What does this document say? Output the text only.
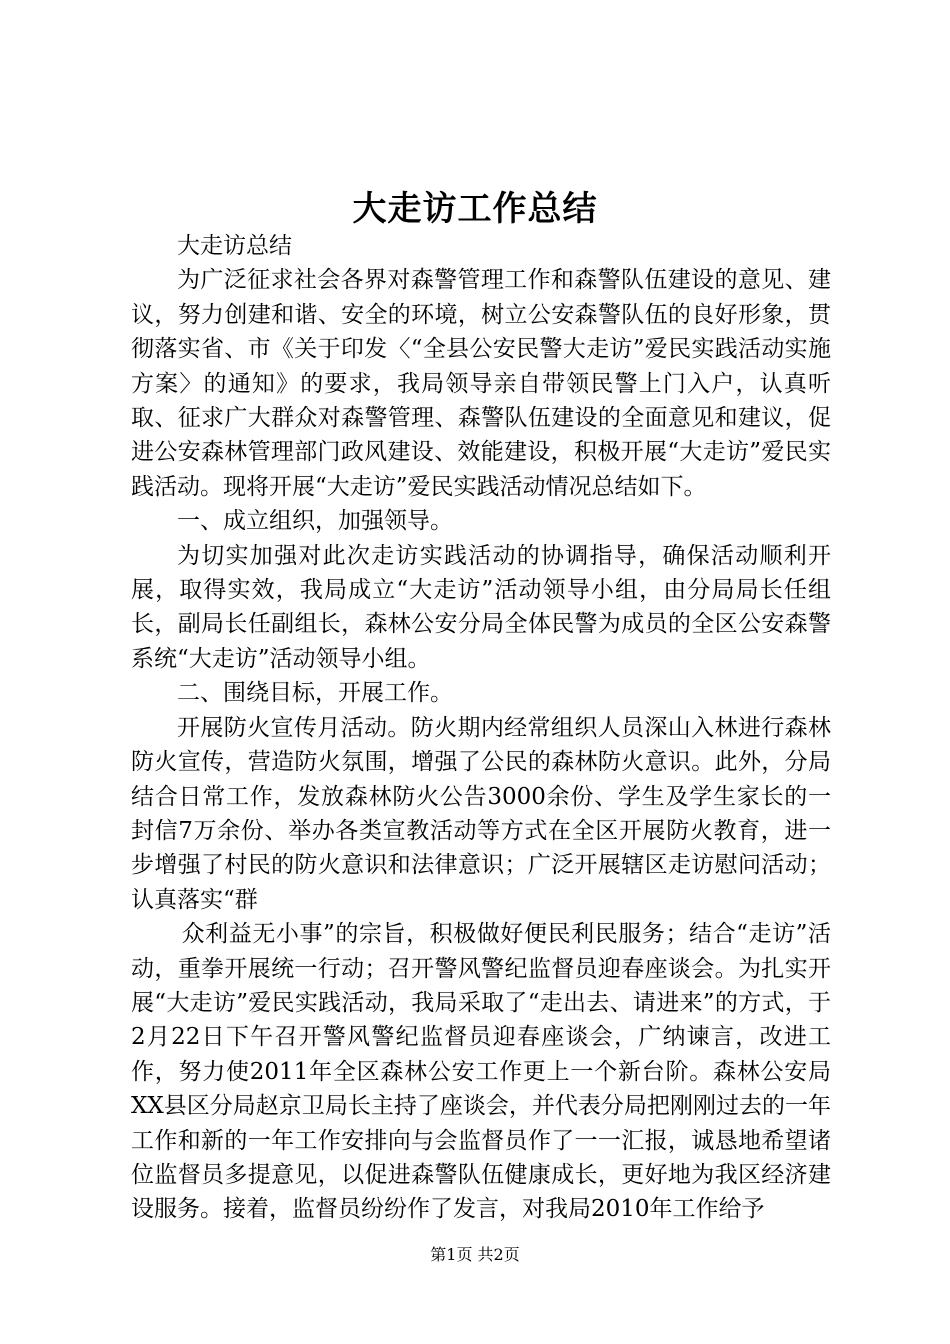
大走访工作总结

大走访总结

为广泛征求社会各界对森警管理工作和森警队伍建设的意见、建议，努力创建和谐、安全的环境，树立公安森警队伍的良好形象，贯彻落实省、市《关于印发〈“全县公安民警大走访”爱民实践活动实施方案〉的通知》的要求，我局领导亲自带领民警上门入户，认真听取、征求广大群众对森警管理、森警队伍建设的全面意见和建议，促进公安森林管理部门政风建设、效能建设，积极开展“大走访”爱民实践活动。现将开展“大走访”爱民实践活动情况总结如下。

一、成立组织，加强领导。

为切实加强对此次走访实践活动的协调指导，确保活动顺利开展，取得实效，我局成立“大走访”活动领导小组，由分局局长任组长，副局长任副组长，森林公安分局全体民警为成员的全区公安森警系统“大走访”活动领导小组。

二、围绕目标，开展工作。

开展防火宣传月活动。防火期内经常组织人员深山入林进行森林防火宣传，营造防火氛围，增强了公民的森林防火意识。此外，分局结合日常工作，发放森林防火公告3000余份、学生及学生家长的一封信7万余份、举办各类宣教活动等方式在全区开展防火教育，进一步增强了村民的防火意识和法律意识；广泛开展辖区走访慰问活动；认真落实“群

众利益无小事”的宗旨，积极做好便民利民服务；结合“走访”活动，重拳开展统一行动；召开警风警纪监督员迎春座谈会。为扎实开展“大走访”爱民实践活动，我局采取了“走出去、请进来”的方式，于2月22日下午召开警风警纪监督员迎春座谈会，广纳谏言，改进工作，努力使2011年全区森林公安工作更上一个新台阶。森林公安局XX县区分局赵京卫局长主持了座谈会，并代表分局把刚刚过去的一年工作和新的一年工作安排向与会监督员作了一一汇报，诚恳地希望诸位监督员多提意见，以促进森警队伍健康成长，更好地为我区经济建设服务。接着，监督员纷纷作了发言，对我局2010年工作给予

第1页 共2页
